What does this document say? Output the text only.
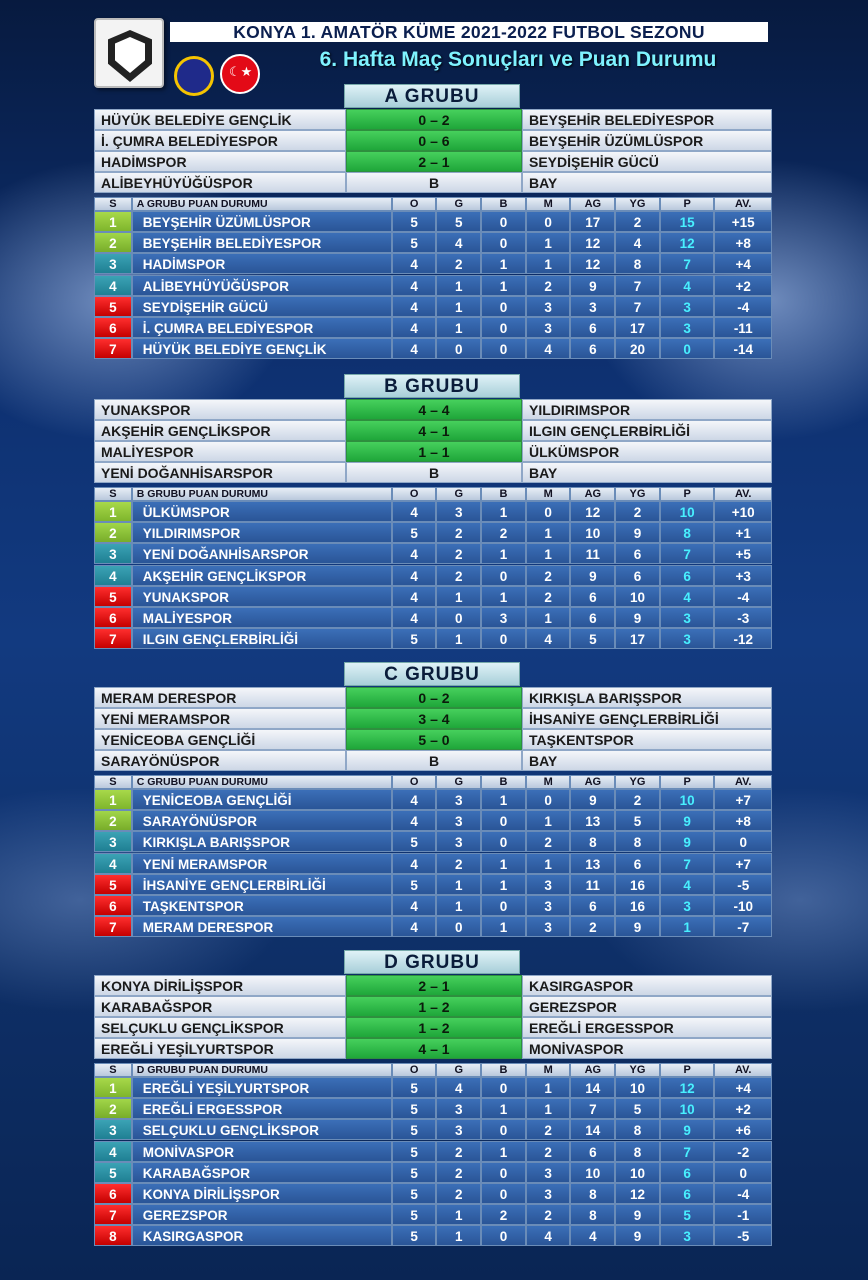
☾★
KONYA 1. AMATÖR KÜME 2021-2022 FUTBOL SEZONU
6. Hafta Maç Sonuçları ve Puan Durumu
A GRUBU
HÜYÜK BELEDİYE GENÇLİK	0 – 2	BEYŞEHİR BELEDİYESPOR
İ. ÇUMRA BELEDİYESPOR	0 – 6	BEYŞEHİR ÜZÜMLÜSPOR
HADİMSPOR	2 – 1	SEYDİŞEHİR GÜCÜ
ALİBEYHÜYÜĞÜSPOR	B	BAY
S	A GRUBU PUAN DURUMU	O	G	B	M	AG	YG	P	AV.
1	BEYŞEHİR ÜZÜMLÜSPOR	5	5	0	0	17	2	15	+15
2	BEYŞEHİR BELEDİYESPOR	5	4	0	1	12	4	12	+8
3	HADİMSPOR	4	2	1	1	12	8	7	+4
4	ALİBEYHÜYÜĞÜSPOR	4	1	1	2	9	7	4	+2
5	SEYDİŞEHİR GÜCÜ	4	1	0	3	3	7	3	-4
6	İ. ÇUMRA BELEDİYESPOR	4	1	0	3	6	17	3	-11
7	HÜYÜK BELEDİYE GENÇLİK	4	0	0	4	6	20	0	-14
B GRUBU
YUNAKSPOR	4 – 4	YILDIRIMSPOR
AKŞEHİR GENÇLİKSPOR	4 – 1	ILGIN GENÇLERBİRLİĞİ
MALİYESPOR	1 – 1	ÜLKÜMSPOR
YENİ DOĞANHİSARSPOR	B	BAY
S	B GRUBU PUAN DURUMU	O	G	B	M	AG	YG	P	AV.
1	ÜLKÜMSPOR	4	3	1	0	12	2	10	+10
2	YILDIRIMSPOR	5	2	2	1	10	9	8	+1
3	YENİ DOĞANHİSARSPOR	4	2	1	1	11	6	7	+5
4	AKŞEHİR GENÇLİKSPOR	4	2	0	2	9	6	6	+3
5	YUNAKSPOR	4	1	1	2	6	10	4	-4
6	MALİYESPOR	4	0	3	1	6	9	3	-3
7	ILGIN GENÇLERBİRLİĞİ	5	1	0	4	5	17	3	-12
C GRUBU
MERAM DERESPOR	0 – 2	KIRKIŞLA BARIŞSPOR
YENİ MERAMSPOR	3 – 4	İHSANİYE GENÇLERBİRLİĞİ
YENİCEOBA GENÇLİĞİ	5 – 0	TAŞKENTSPOR
SARAYÖNÜSPOR	B	BAY
S	C GRUBU PUAN DURUMU	O	G	B	M	AG	YG	P	AV.
1	YENİCEOBA GENÇLİĞİ	4	3	1	0	9	2	10	+7
2	SARAYÖNÜSPOR	4	3	0	1	13	5	9	+8
3	KIRKIŞLA BARIŞSPOR	5	3	0	2	8	8	9	0
4	YENİ MERAMSPOR	4	2	1	1	13	6	7	+7
5	İHSANİYE GENÇLERBİRLİĞİ	5	1	1	3	11	16	4	-5
6	TAŞKENTSPOR	4	1	0	3	6	16	3	-10
7	MERAM DERESPOR	4	0	1	3	2	9	1	-7
D GRUBU
KONYA DİRİLİŞSPOR	2 – 1	KASIRGASPOR
KARABAĞSPOR	1 – 2	GEREZSPOR
SELÇUKLU GENÇLİKSPOR	1 – 2	EREĞLİ ERGESSPOR
EREĞLİ YEŞİLYURTSPOR	4 – 1	MONİVASPOR
S	D GRUBU PUAN DURUMU	O	G	B	M	AG	YG	P	AV.
1	EREĞLİ YEŞİLYURTSPOR	5	4	0	1	14	10	12	+4
2	EREĞLİ ERGESSPOR	5	3	1	1	7	5	10	+2
3	SELÇUKLU GENÇLİKSPOR	5	3	0	2	14	8	9	+6
4	MONİVASPOR	5	2	1	2	6	8	7	-2
5	KARABAĞSPOR	5	2	0	3	10	10	6	0
6	KONYA DİRİLİŞSPOR	5	2	0	3	8	12	6	-4
7	GEREZSPOR	5	1	2	2	8	9	5	-1
8	KASIRGASPOR	5	1	0	4	4	9	3	-5
